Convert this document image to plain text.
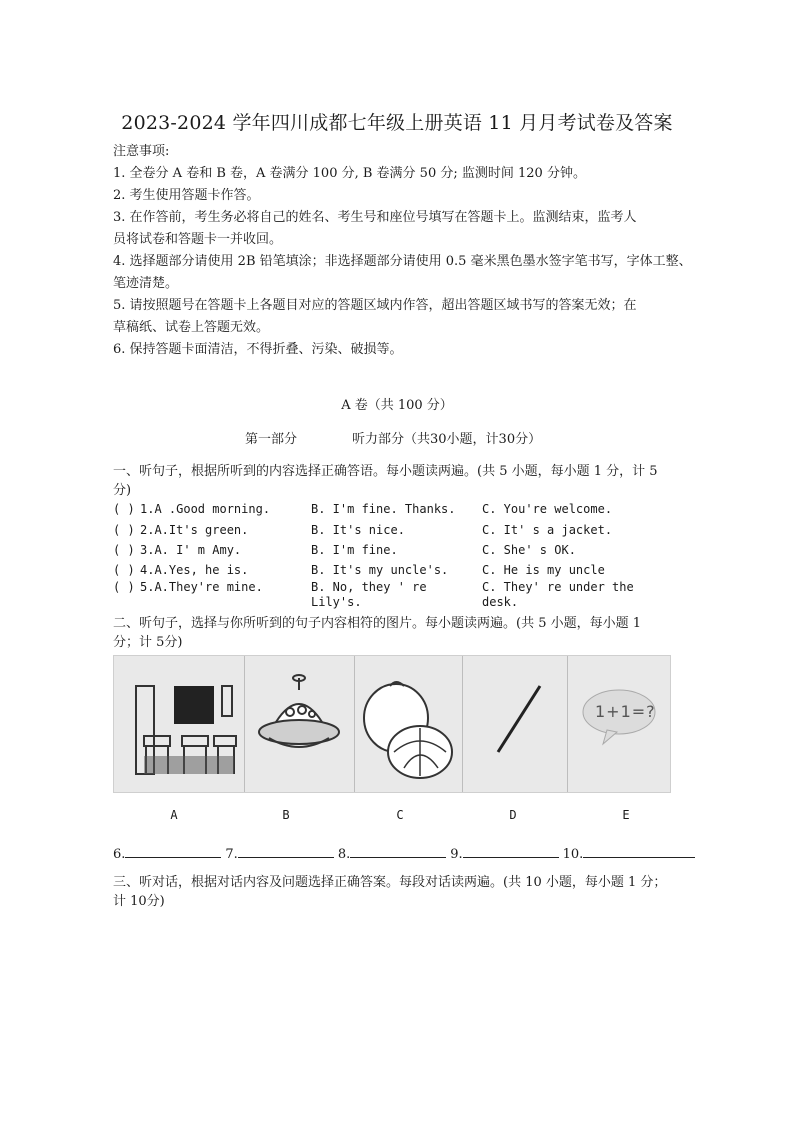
2023-2024 学年四川成都七年级上册英语 11 月月考试卷及答案
注意事项:
1. 全卷分 A 卷和 B 卷，A 卷满分 100 分, B 卷满分 50 分; 监测时间 120 分钟。
2. 考生使用答题卡作答。
3. 在作答前，考生务必将自己的姓名、考生号和座位号填写在答题卡上。监测结束，监考人
员将试卷和答题卡一并收回。
4. 选择题部分请使用 2B 铅笔填涂；非选择题部分请使用 0.5 毫米黑色墨水签字笔书写，字体工整、
笔迹清楚。
5. 请按照题号在答题卡上各题目对应的答题区域内作答，超出答题区域书写的答案无效；在
草稿纸、试卷上答题无效。
6. 保持答题卡面清洁，不得折叠、污染、破损等。
A 卷（共 100 分）
第一部分	听力部分（共30小题，计30分）
一、听句子，根据所听到的内容选择正确答语。每小题读两遍。(共 5 小题，每小题 1 分，计 5
分)
( ) 1.A .Good morning.	B. I'm fine. Thanks. C. You're welcome.
( ) 2.A.It's green.	B. It's nice.	C. It' s a jacket.
( ) 3.A. I' m Amy.	B. I'm fine.	C. She' s OK.
( ) 4.A.Yes, he is.	B. It's my uncle's.	C. He is my uncle
( ) 5.A.They're mine.	B. No, they ' re Lily's.
C. They' re under the desk.
二、听句子，选择与你所听到的句子内容相符的图片。每小题读两遍。(共 5 小题，每小题 1
分；计 5分)
1+1=?
A	B	C	D	E
6.	7.	8.	9.	10.
三、听对话，根据对话内容及问题选择正确答案。每段对话读两遍。(共 10 小题，每小题 1 分；
计 10分)
